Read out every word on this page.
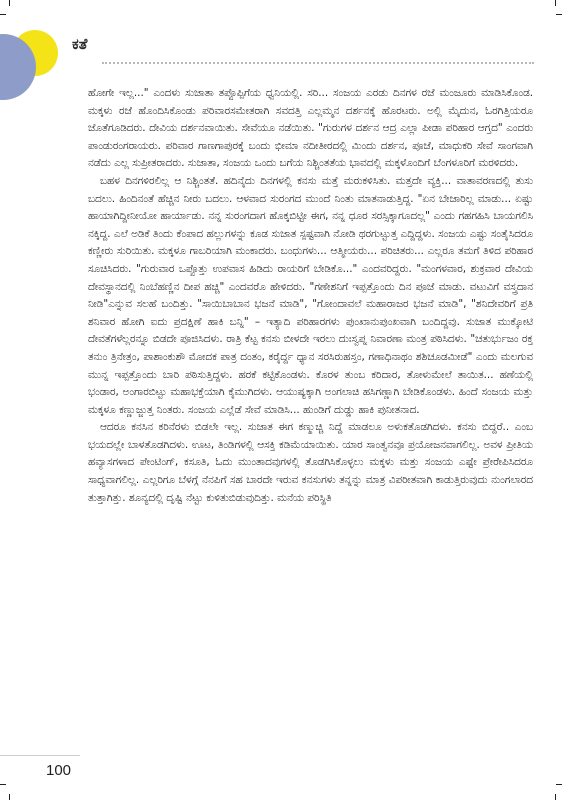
ಕತೆ

ಹೋಗೇ ಇಲ್ಲ..." ಎಂದಳು ಸುಜಾತಾ ತಪ್ಪೊಪ್ಪಿಗೆಯ ಧ್ವನಿಯಲ್ಲಿ. ಸರಿ... ಸಂಜಯ ಎರಡು ದಿನಗಳ ರಜೆ ಮಂಜೂರು ಮಾಡಿಸಿಕೊಂಡ. ಮಕ್ಕಳು ರಜೆ ಹೊಂದಿಸಿಕೊಂಡು ಪರಿವಾರಸಮೇತರಾಗಿ ಸವದತ್ತಿ ಎಲ್ಲಮ್ಮನ ದರ್ಶನಕ್ಕೆ ಹೊರಟರು. ಅಲ್ಲಿ ಮೈದುನ, ಓರಗಿತ್ತಿಯರೂ ಜೊತೆಗೂಡಿದರು. ದೇವಿಯ ದರ್ಶನವಾಯಿತು. ಸೇವೆಯೂ ನಡೆಯಿತು. "ಗುರುಗಳ ದರ್ಶನ ಆದ್ರ ಎಲ್ಲಾ ಪೀಡಾ ಪರಿಹಾರ ಆಗ್ತದ" ಎಂದರು ಪಾಂಡುರಂಗರಾಯರು. ಪರಿವಾರ ಗಾಣಗಾಪುರಕ್ಕೆ ಬಂದು ಭೀಮಾ ನದೀತೀರದಲ್ಲಿ ಮಿಂದು ದರ್ಶನ, ಪೂಜೆ, ಮಾಧುಕರಿ ಸೇವೆ ಸಾಂಗವಾಗಿ ನಡೆದು ಎಲ್ಲ ಸುಪ್ರೀತರಾದರು. ಸುಜಾತಾ, ಸಂಜಯ ಒಂದು ಬಗೆಯ ನಿಶ್ಚಿಂತತೆಯ ಭಾವದಲ್ಲಿ ಮಕ್ಕಳೊಂದಿಗೆ ಬೆಂಗಳೂರಿಗೆ ಮರಳಿದರು.

ಬಹಳ ದಿನಗಳಿರಲಿಲ್ಲ ಆ ನಿಶ್ಚಿಂತತೆ. ಹದಿನೈದು ದಿನಗಳಲ್ಲಿ ಕನಸು ಮತ್ತೆ ಮರುಕಳಿಸಿತು. ಮತ್ತದೇ ವ್ಯಕ್ತಿ... ವಾತಾವರಣದಲ್ಲಿ ತುಸು ಬದಲು. ಹಿಂದಿನಂತೆ ಹೆಚ್ಚಿನ ನೀರು ಬದಲು. ಆಳವಾದ ಸುರಂಗದ ಮುಂದೆ ನಿಂತು ಮಾತನಾಡುತ್ತಿದ್ದ. "ಏನ ಬೇಜಾರಿಲ್ಲ ಮಾಡು... ಏಷ್ಟು ಹಾಯಾಗಿದ್ದೀನೀಯೋ ಹಾರ್ಯಾಡು. ನನ್ನ ಸುರಂಗದಾಗ ಹೊಕ್ಕಬಿಟ್ಟೀ ಈಗ, ನನ್ನ ಧೂರ ಸರಸ್ಸಿಕ್ಕಾಗೂದಲ್ಲ" ಎಂದು ಗಹಗಹಿಸಿ ಬಾಯಗಲಿಸಿ ನಕ್ಕಿದ್ದ. ಎಲೆ ಅಡಿಕೆ ತಿಂದು ಕೆಂಪಾದ ಹಲ್ಲುಗಳನ್ನು ಕೂಡ ಸುಜಾತ ಸ್ಪಷ್ಟವಾಗಿ ನೋಡಿ ಥರಗುಟ್ಟುತ್ತ ಎದ್ದಿದ್ದಳು. ಸಂಜಯ ಎಷ್ಟು ಸಂತೈಸಿದರೂ ಕಣ್ಣೀರು ಸುರಿಯಿತು. ಮಕ್ಕಳೂ ಗಾಬರಿಯಾಗಿ ಮಂಕಾದರು. ಬಂಧುಗಳು... ಆತ್ಮೀಯರು... ಪರಿಚಿತರು... ಎಲ್ಲರೂ ತಮಗೆ ತಿಳಿದ ಪರಿಹಾರ ಸೂಚಿಸಿದರು. "ಗುರುವಾರ ಒಪ್ಪೊತ್ತು ಉಪವಾಸ ಹಿಡಿದು ರಾಯರಿಗೆ ಬೇಡಿಕೊ..." ಎಂದವರಿದ್ದರು. "ಮಂಗಳವಾರ, ಶುಕ್ರವಾರ ದೇವಿಯ ದೇವಸ್ಥಾನದಲ್ಲಿ ನಿಂಬೆಹಣ್ಣಿನ ದೀಪ ಹಚ್ಚಿ" ಎಂದವರೊ ಹೇಳಿದರು. "ಗಣೇಶನಿಗೆ ಇಪ್ಪತ್ತೊಂದು ದಿನ ಪೂಜೆ ಮಾಡು. ವಟುವಿಗೆ ವಸ್ತ್ರದಾನ ನೀಡಿ"ಎನ್ನುವ ಸಲಹೆ ಬಂದಿತ್ತು. "ಸಾಯಿಬಾಬಾನ ಭಜನೆ ಮಾಡಿ", "ಗೋಂದಾವಲೆ ಮಹಾರಾಜರ ಭಜನೆ ಮಾಡಿ", "ಶನಿದೇವರಿಗೆ ಪ್ರತಿ ಶನಿವಾರ ಹೋಗಿ ಐದು ಪ್ರದಕ್ಷಿಣೆ ಹಾಕಿ ಬನ್ನಿ" – ಇತ್ಯಾದಿ ಪರಿಹಾರಗಳು ಪುಂಖಾನುಪುಂಖವಾಗಿ ಬಂದಿದ್ದವು. ಸುಜಾತ ಮುಕ್ಕೋಟಿ ದೇವತೆಗಳೆಲ್ಲರನ್ನೂ ಬಿಡದೇ ಪೂಜಿಸಿದಳು. ರಾತ್ರಿ ಕೆಟ್ಟ ಕನಸು ಬೀಳದೇ ಇರಲು ದುಃಸ್ವಪ್ನ ನಿವಾರಣಾ ಮಂತ್ರ ಪಠಿಸಿದಳು. "ಚತುರ್ಭುಜಂ ರಕ್ತ ತನುಂ ತ್ರಿನೇತ್ರಂ, ಪಾಶಾಂಕುಶೌ ಮೋದಕ ಪಾತ್ರ ದಂತಂ, ಕರೈರ್ದ್ದ ಧ್ಯಾನ ಸರಸಿರುಹಸ್ತಂ, ಗಣಾಧಿನಾಥಂ ಶಶಿಚೂಡಮೀಡೆ" ಎಂದು ಮಲಗುವ ಮುನ್ನ ಇಪ್ಪತ್ತೊಂದು ಬಾರಿ ಪಠಿಸುತ್ತಿದ್ದಳು. ಹರಕೆ ಕಟ್ಟಿಕೊಂಡಳು. ಕೊರಳ ತುಂಬ ಕರಿದಾರ, ತೋಳುಮೇಲೆ ತಾಯಿತ... ಹಣೆಯಲ್ಲಿ ಭಂಡಾರ, ಅಂಗಾರಬಿಟ್ಟು ಮಹಾಭಕ್ತೆಯಾಗಿ ಕೈಮುಗಿದಳು. ಆಯುಷ್ಯಕ್ಕಾಗಿ ಅಂಗಲಾಚಿ ಹಸಿಗಣ್ಣಾಗಿ ಬೇಡಿಕೊಂಡಳು. ಹಿಂದೆ ಸಂಜಯ ಮತ್ತು ಮಕ್ಕಳೂ ಕಣ್ಣುಜ್ಜುತ್ತ ನಿಂತರು. ಸಂಜಯ ಎಲ್ಲೆಡೆ ಸೇವೆ ಮಾಡಿಸಿ... ಹುಂಡಿಗೆ ದುಡ್ಡು ಹಾಕಿ ಪುನೀತನಾದ.

ಆದರೂ ಕನಸಿನ ಕರಿನೆರಳು ಬಿಡಲೇ ಇಲ್ಲ. ಸುಜಾತ ಈಗ ಕಣ್ಮುಚ್ಚಿ ನಿದ್ದೆ ಮಾಡಲೂ ಅಳುಕತೊಡಗಿದಳು. ಕನಸು ಬಿದ್ದರೆ.. ಎಂಬ ಭಯದಲ್ಲೇ ಬಾಳತೊಡಗಿದಳು. ಊಟ, ತಿಂಡಿಗಳಲ್ಲಿ ಆಸಕ್ತಿ ಕಡಿಮೆಯಾಯಿತು. ಯಾರ ಸಾಂತ್ವನವೂ ಪ್ರಯೋಜನವಾಗಲಿಲ್ಲ. ಅವಳ ಪ್ರೀತಿಯ ಹವ್ಯಾಸಗಳಾದ ಪೇಂಟಿಂಗ್, ಕಸೂತಿ, ಓದು ಮುಂತಾದವುಗಳಲ್ಲಿ ತೊಡಗಿಸಿಕೊಳ್ಳಲು ಮಕ್ಕಳು ಮತ್ತು ಸಂಜಯ ಎಷ್ಟೇ ಪ್ರೇರೇಪಿಸಿದರೂ ಸಾಧ್ಯವಾಗಲಿಲ್ಲ. ಎಲ್ಲರಿಗೂ ಬೆಳಗ್ಗೆ ನೆನಪಿಗೆ ಸಹ ಬಾರದೇ ಇರುವ ಕನಸುಗಳು ತನ್ನನ್ನು ಮಾತ್ರ ವಿಪರೀತವಾಗಿ ಕಾಡುತ್ತಿರುವುದು ನುಂಗಲಾರದ ತುತ್ತಾಗಿತ್ತು. ಶೂನ್ಯದಲ್ಲಿ ದೃಷ್ಟಿ ನೆಟ್ಟು ಕುಳಿತುಬಿಡುವುದಿತ್ತು. ಮನೆಯ ಪರಿಸ್ಥಿತಿ

100
